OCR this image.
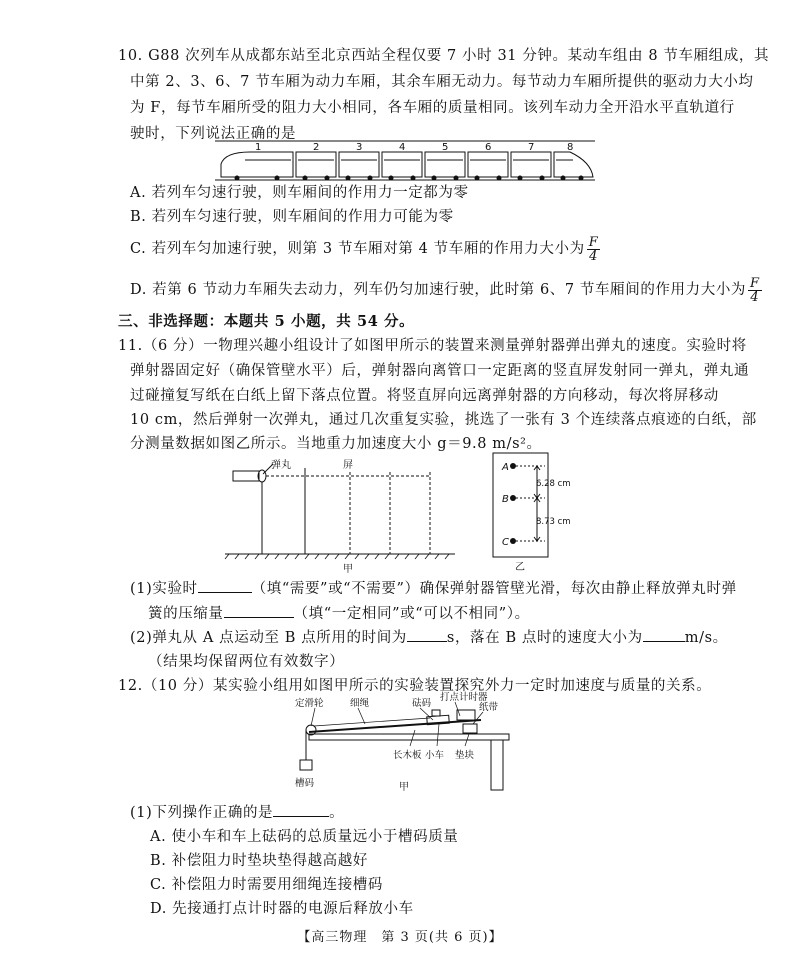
10. G88 次列车从成都东站至北京西站全程仅要 7 小时 31 分钟。某动车组由 8 节车厢组成，其
中第 2、3、6、7 节车厢为动力车厢，其余车厢无动力。每节动力车厢所提供的驱动力大小均
为 F，每节车厢所受的阻力大小相同，各车厢的质量相同。该列车动力全开沿水平直轨道行
驶时，下列说法正确的是
1	2	3	4	5	6	7	8
A. 若列车匀速行驶，则车厢间的作用力一定都为零
B. 若列车匀速行驶，则车厢间的作用力可能为零
C. 若列车匀加速行驶，则第 3 节车厢对第 4 节车厢的作用力大小为 $\frac{F}{4}$
D. 若第 6 节动力车厢失去动力，列车仍匀加速行驶，此时第 6、7 节车厢间的作用力大小为 $\frac{F}{4}$
三、非选择题：本题共 5 小题，共 54 分。
11.（6 分）一物理兴趣小组设计了如图甲所示的装置来测量弹射器弹出弹丸的速度。实验时将
弹射器固定好（确保管壁水平）后，弹射器向离管口一定距离的竖直屏发射同一弹丸，弹丸通
过碰撞复写纸在白纸上留下落点位置。将竖直屏向远离弹射器的方向移动，每次将屏移动
10 cm，然后弹射一次弹丸，通过几次重复实验，挑选了一张有 3 个连续落点痕迹的白纸，部
分测量数据如图乙所示。当地重力加速度大小 g＝9.8 m/s²。
弹丸	屏
甲
A
B
C
6.28 cm
8.73 cm
乙
(1)实验时	（填“需要”或“不需要”）确保弹射器管壁光滑，每次由静止释放弹丸时弹
簧的压缩量	（填“一定相同”或“可以不相同”）。
(2)弹丸从 A 点运动至 B 点所用的时间为	s，落在 B 点时的速度大小为	m/s。
（结果均保留两位有效数字）
12.（10 分）某实验小组用如图甲所示的实验装置探究外力一定时加速度与质量的关系。
定滑轮	细绳	砝码
打点计时器
纸带
槽码
长木板 小车 垫块
甲
(1)下列操作正确的是	。
A. 使小车和车上砝码的总质量远小于槽码质量
B. 补偿阻力时垫块垫得越高越好
C. 补偿阻力时需要用细绳连接槽码
D. 先接通打点计时器的电源后释放小车
【高三物理　第 3 页(共 6 页)】
